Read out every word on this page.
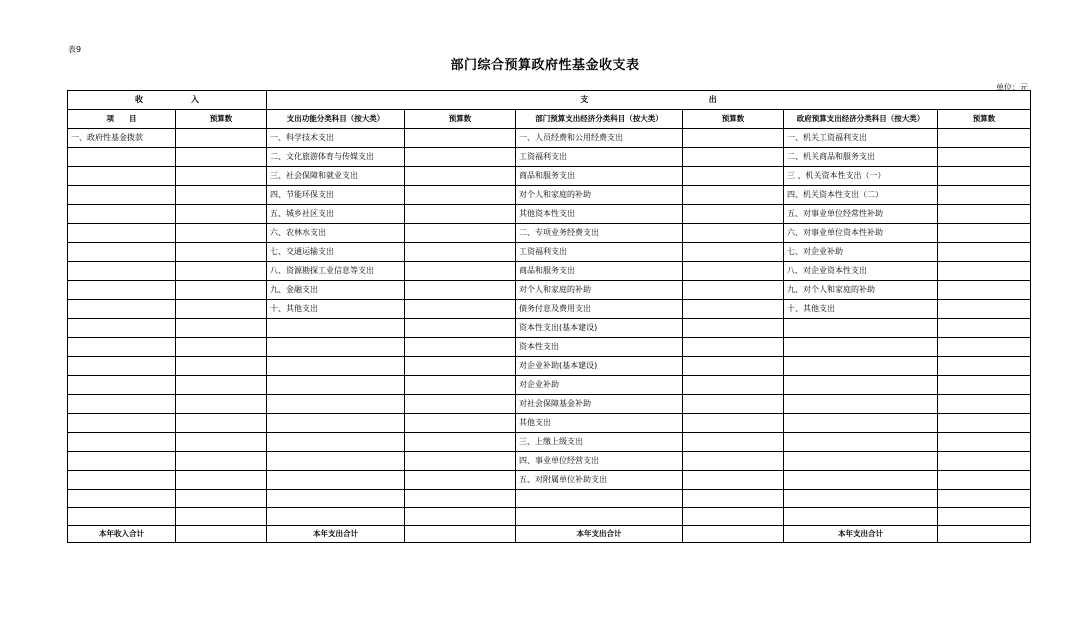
表9
部门综合预算政府性基金收支表
单位：元
收 入		支 出					

项　　目	预算数	支出功能分类科目（按大类）	预算数	部门预算支出经济分类科目（按大类）	预算数	政府预算支出经济分类科目（按大类）	预算数
一、政府性基金拨款		一、科学技术支出		一、人员经费和公用经费支出		一、机关工资福利支出	
		二、文化旅游体育与传媒支出		工资福利支出		二、机关商品和服务支出	
		三、社会保障和就业支出		商品和服务支出		三 、机关资本性支出（一）	
		四、节能环保支出		对个人和家庭的补助		四、机关资本性支出（二）	
		五、城乡社区支出		其他资本性支出		五、对事业单位经常性补助	
		六、农林水支出		二、专项业务经费支出		六、对事业单位资本性补助	
		七、交通运输支出		工资福利支出		七、对企业补助	
		八、资源勘探工业信息等支出		商品和服务支出		八、对企业资本性支出	
		九、金融支出		对个人和家庭的补助		九、对个人和家庭的补助	
		十、其他支出		债务付息及费用支出		十、其他支出	
				资本性支出(基本建设)			
				资本性支出			
				对企业补助(基本建设)			
				对企业补助			
				对社会保障基金补助			
				其他支出			
				三、上缴上级支出			
				四、事业单位经营支出			
				五、对附属单位补助支出			

本年收入合计		本年支出合计		本年支出合计		本年支出合计	
